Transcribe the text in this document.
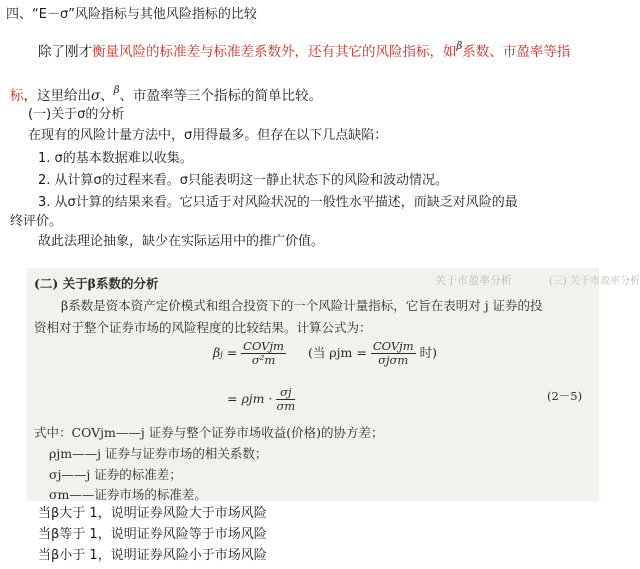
四、“E－σ”风险指标与其他风险指标的比较
除了刚才衡量风险的标准差与标准差系数外，还有其它的风险指标，如$^\beta$系数、市盈率等指
标，这里给出σ、$^\beta$、市盈率等三个指标的简单比较。
(一)关于σ的分析
在现有的风险计量方法中，σ用得最多。但存在以下几点缺陷：
1. σ的基本数据难以收集。
2. 从计算σ的过程来看。σ只能表明这一静止状态下的风险和波动情况。
3. 从σ计算的结果来看。它只适于对风险状况的一般性水平描述，而缺乏对风险的最
终评价。
故此法理论抽象，缺少在实际运用中的推广价值。
关于市盈率分析	(三) 关于市盈率分析
(二) 关于β系数的分析
β系数是资本资产定价模式和组合投资下的一个风险计量指标，它旨在表明对 j 证券的投
资相对于整个证券市场的风险程度的比较结果。计算公式为：
$\beta j = \frac{\text{COVjm}}{\text{σ²m}}$ (当 $\rho jm = \frac{\text{COVjm}}{\text{σjσm}}$ 时)
= $\rho jm \cdot \frac{\sigma j}{\sigma m}$	(2－5)
式中：COVjm——j 证券与整个证券市场收益(价格)的协方差；
ρjm——j 证券与证券市场的相关系数；
σj——j 证券的标准差；
σm——证券市场的标准差。
当β大于 1，说明证券风险大于市场风险
当β等于 1，说明证券风险等于市场风险
当β小于 1，说明证券风险小于市场风险
